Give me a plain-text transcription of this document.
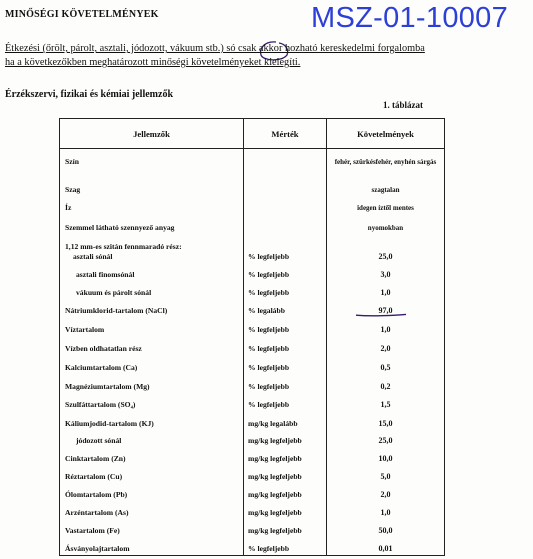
MINŐSÉGI KÖVETELMÉNYEK	MSZ-01-10007
Étkezési (őrölt, párolt, asztali, jódozott, vákuum stb.) só csak akkor hozható kereskedelmi forgalomba
ha a következőkben meghatározott minőségi követelményeket kielégíti.
Érzékszervi, fizikai és kémiai jellemzők
1. táblázat
Jellemzők	Mérték	Követelmények

Szín		fehér, szürkésfehér, enyhén sárgás

Szag		szagtalan

Íz		idegen íztől mentes

Szemmel látható szennyező anyag		nyomokban

1,12 mm-es szitán fennmaradó rész:
asztali sónál	% legfeljebb	25,0

asztali finomsónál	% legfeljebb	3,0

vákuum és párolt sónál	% legfeljebb	1,0

Nátriumklorid-tartalom (NaCl)	% legalább	97,0

Víztartalom	% legfeljebb	1,0

Vízben oldhatatlan rész	% legfeljebb	2,0

Kalciumtartalom (Ca)	% legfeljebb	0,5

Magnéziumtartalom (Mg)	% legfeljebb	0,2

Szulfáttartalom (SO₄)	% legfeljebb	1,5

Káliumjodid-tartalom (KJ)	mg/kg legalább	15,0

jódozott sónál	mg/kg legfeljebb	25,0

Cinktartalom (Zn)	mg/kg legfeljebb	10,0

Réztartalom (Cu)	mg/kg legfeljebb	5,0

Ólomtartalom (Pb)	mg/kg legfeljebb	2,0

Arzéntartalom (As)	mg/kg legfeljebb	1,0

Vastartalom (Fe)	mg/kg legfeljebb	50,0

Ásványolajtartalom	% legfeljebb	0,01
